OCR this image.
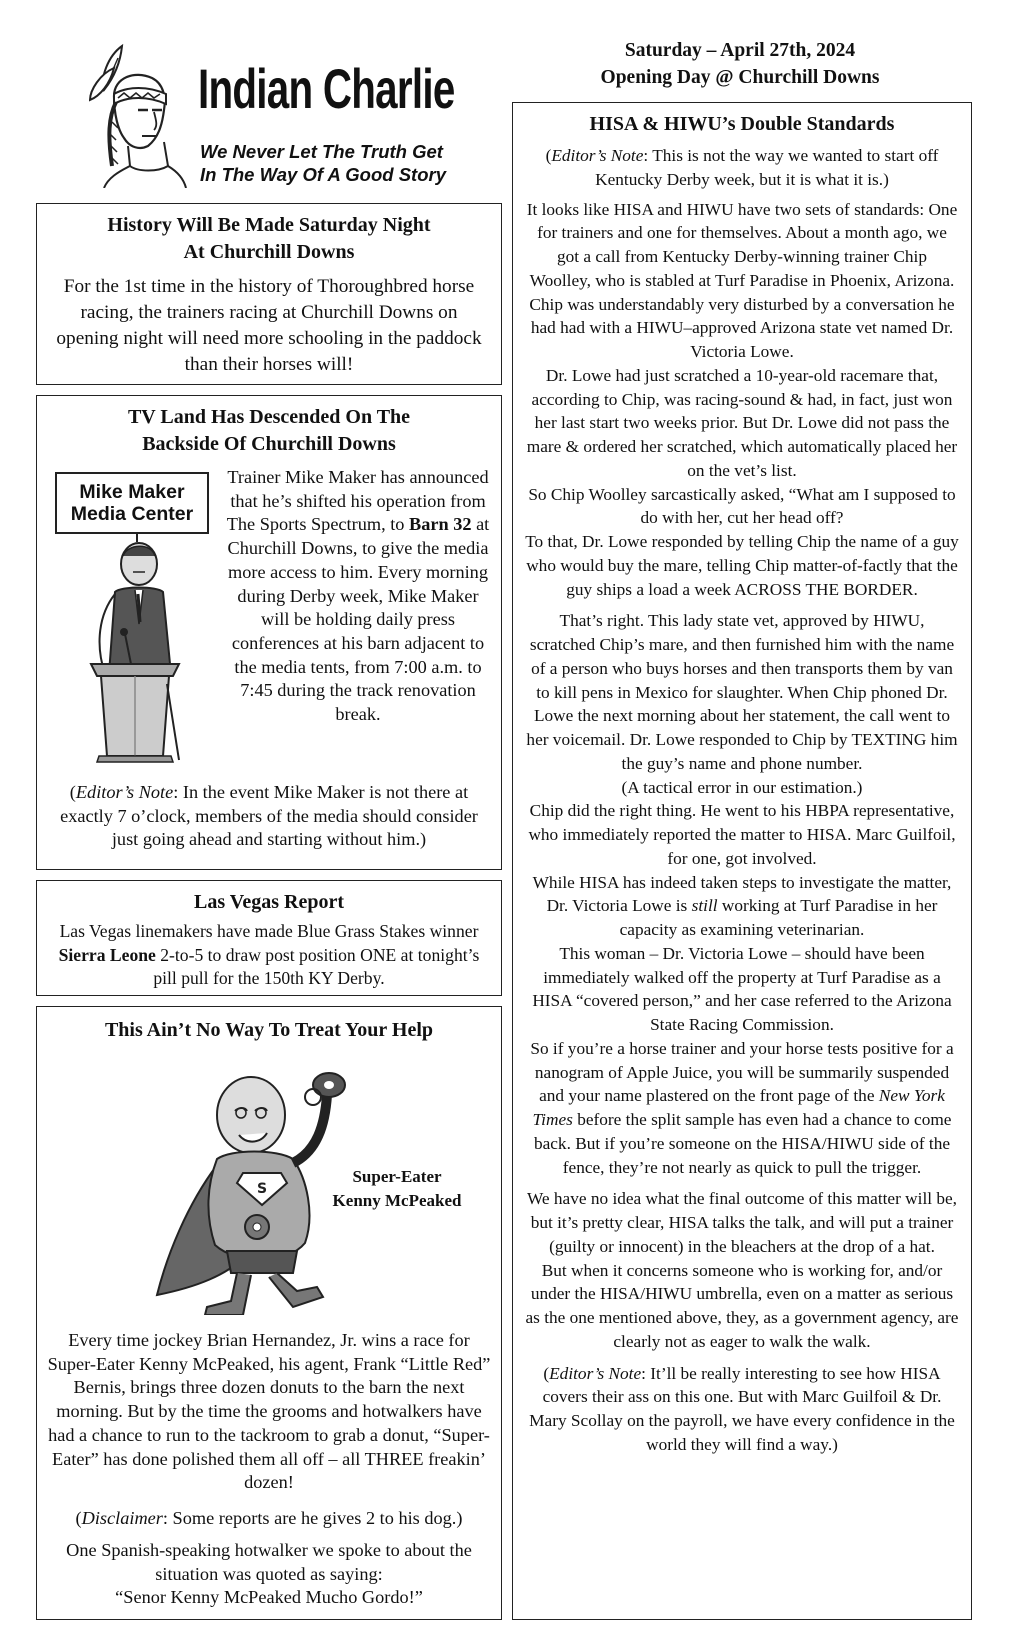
Indian Charlie
We Never Let The Truth Get
In The Way Of A Good Story
Saturday – April 27th, 2024
Opening Day @ Churchill Downs
History Will Be Made Saturday Night
At Churchill Downs

For the 1st time in the history of Thoroughbred horse racing, the trainers racing at Churchill Downs on opening night will need more schooling in the paddock than their horses will!

TV Land Has Descended On The
Backside Of Churchill Downs
Mike Maker
Media Center

Trainer Mike Maker has announced that he’s shifted his operation from The Sports Spectrum, to Barn 32 at Churchill Downs, to give the media more access to him. Every morning during Derby week, Mike Maker will be holding daily press conferences at his barn adjacent to the media tents, from 7:00 a.m. to 7:45 during the track renovation break.

(Editor’s Note: In the event Mike Maker is not there at exactly 7 o’clock, members of the media should consider just going ahead and starting without him.)

Las Vegas Report

Las Vegas linemakers have made Blue Grass Stakes winner Sierra Leone 2-to-5 to draw post position ONE at tonight’s pill pull for the 150th KY Derby.

This Ain’t No Way To Treat Your Help
S
Super-Eater
Kenny McPeaked

Every time jockey Brian Hernandez, Jr. wins a race for Super-Eater Kenny McPeaked, his agent, Frank “Little Red” Bernis, brings three dozen donuts to the barn the next morning. But by the time the grooms and hotwalkers have had a chance to run to the tackroom to grab a donut, “Super-Eater” has done polished them all off – all THREE freakin’ dozen!

(Disclaimer: Some reports are he gives 2 to his dog.)

One Spanish-speaking hotwalker we spoke to about the situation was quoted as saying:
“Senor Kenny McPeaked Mucho Gordo!”

HISA & HIWU’s Double Standards

(Editor’s Note: This is not the way we wanted to start off Kentucky Derby week, but it is what it is.)

It looks like HISA and HIWU have two sets of standards: One for trainers and one for themselves. About a month ago, we got a call from Kentucky Derby-winning trainer Chip Woolley, who is stabled at Turf Paradise in Phoenix, Arizona.

Chip was understandably very disturbed by a conversation he had had with a HIWU–approved Arizona state vet named Dr. Victoria Lowe.

Dr. Lowe had just scratched a 10-year-old racemare that, according to Chip, was racing-sound & had, in fact, just won her last start two weeks prior. But Dr. Lowe did not pass the mare & ordered her scratched, which automatically placed her on the vet’s list.

So Chip Woolley sarcastically asked, “What am I supposed to do with her, cut her head off?

To that, Dr. Lowe responded by telling Chip the name of a guy who would buy the mare, telling Chip matter-of-factly that the guy ships a load a week ACROSS THE BORDER.

That’s right. This lady state vet, approved by HIWU, scratched Chip’s mare, and then furnished him with the name of a person who buys horses and then transports them by van to kill pens in Mexico for slaughter. When Chip phoned Dr. Lowe the next morning about her statement, the call went to her voicemail. Dr. Lowe responded to Chip by TEXTING him the guy’s name and phone number.

(A tactical error in our estimation.)

Chip did the right thing. He went to his HBPA representative, who immediately reported the matter to HISA. Marc Guilfoil, for one, got involved.

While HISA has indeed taken steps to investigate the matter, Dr. Victoria Lowe is still working at Turf Paradise in her capacity as examining veterinarian.

This woman – Dr. Victoria Lowe – should have been immediately walked off the property at Turf Paradise as a HISA “covered person,” and her case referred to the Arizona State Racing Commission.

So if you’re a horse trainer and your horse tests positive for a nanogram of Apple Juice, you will be summarily suspended and your name plastered on the front page of the New York Times before the split sample has even had a chance to come back. But if you’re someone on the HISA/HIWU side of the fence, they’re not nearly as quick to pull the trigger.

We have no idea what the final outcome of this matter will be, but it’s pretty clear, HISA talks the talk, and will put a trainer (guilty or innocent) in the bleachers at the drop of a hat.

But when it concerns someone who is working for, and/or under the HISA/HIWU umbrella, even on a matter as serious as the one mentioned above, they, as a government agency, are clearly not as eager to walk the walk.

(Editor’s Note: It’ll be really interesting to see how HISA covers their ass on this one. But with Marc Guilfoil & Dr. Mary Scollay on the payroll, we have every confidence in the world they will find a way.)
